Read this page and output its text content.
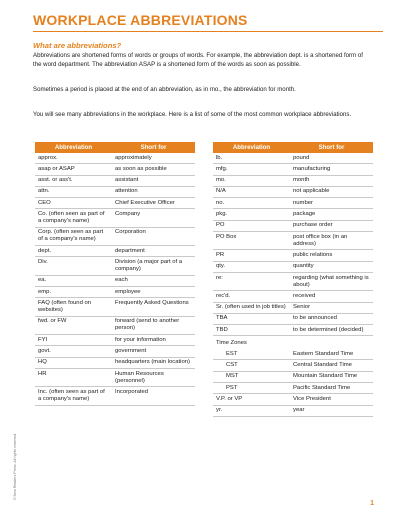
WORKPLACE ABBREVIATIONS
What are abbreviations?

Abbreviations are shortened forms of words or groups of words. For example, the abbreviation dept. is a shortened form of the word department. The abbreviation ASAP is a shortened form of the words as soon as possible.

Sometimes a period is placed at the end of an abbreviation, as in mo., the abbreviation for month.

You will see many abbreviations in the workplace. Here is a list of some of the most common workplace abbreviations.

Abbreviation	Short for
approx.	approximately
asap or ASAP	as soon as possible
asst. or ass't.	assistant
attn.	attention
CEO	Chief Executive Officer
Co. (often seen as part of a company's name)	Company
Corp. (often seen as part of a company's name)	Corporation
dept.	department
Div.	Division (a major part of a company)
ea.	each
emp.	employee
FAQ (often found on websites)	Frequently Asked Questions
fwd. or FW	forward (send to another person)
FYI	for your information
govt.	government
HQ	headquarters (main location)
HR	Human Resources (personnel)
Inc. (often seen as part of a company's name)	Incorporated
Abbreviation	Short for
lb.	pound
mfg.	manufacturing
mo.	month
N/A	not applicable
no.	number
pkg.	package
PO	purchase order
PO Box	post office box (in an address)
PR	public relations
qty.	quantity
re:	regarding (what something is about)
rec'd.	received
Sr. (often used in job titles)	Senior
TBA	to be announced
TBD	to be determined (decided)
Time Zones	
EST	Eastern Standard Time
CST	Central Standard Time
MST	Mountain Standard Time
PST	Pacific Standard Time
V.P. or VP	Vice President
yr.	year
© New Readers Press. All rights reserved.
1
